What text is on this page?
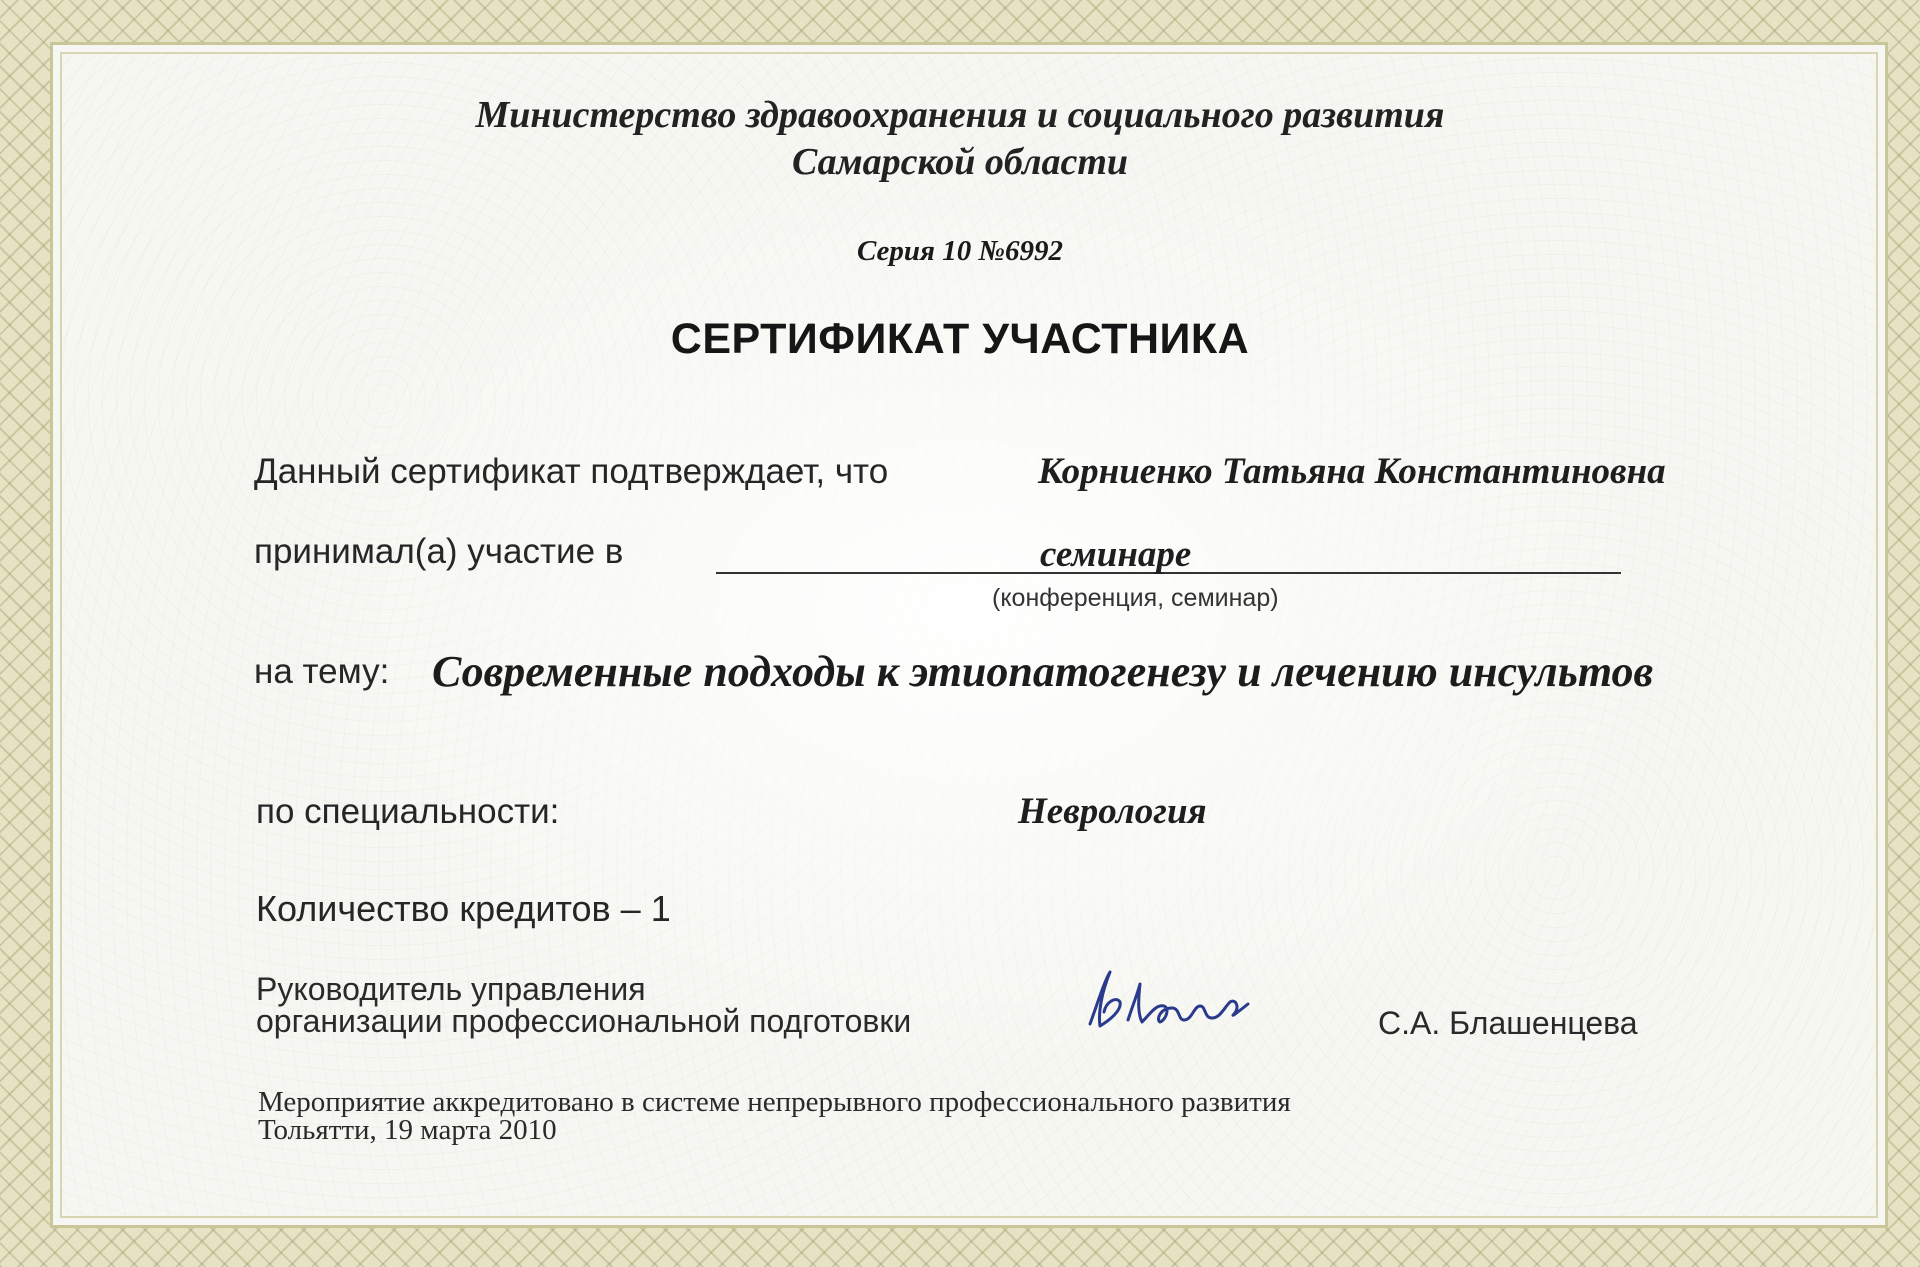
Министерство здравоохранения и социального развития
Самарской области
Серия 10 №6992
СЕРТИФИКАТ УЧАСТНИКА
Данный сертификат подтверждает, что	Корниенко Татьяна Константиновна
принимал(а) участие в	семинаре
(конференция, семинар)
на тему: Современные подходы к этиопатогенезу и лечению инсультов
по специальности:	Неврология
Количество кредитов – 1
Руководитель управления
организации профессиональной подготовки	С.А. Блашенцева
Мероприятие аккредитовано в системе непрерывного профессионального развития
Тольятти, 19 марта 2010
